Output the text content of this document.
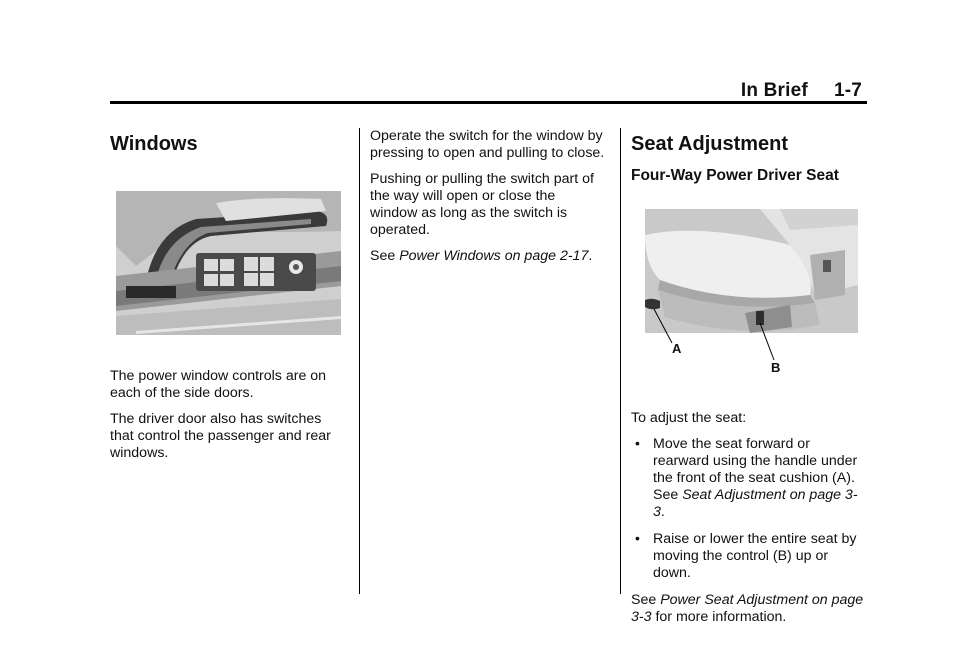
In Brief 1-7
Windows

The power window controls are on each of the side doors.

The driver door also has switches that control the passenger and rear windows.

Operate the switch for the window by pressing to open and pulling to close.

Pushing or pulling the switch part of the way will open or close the window as long as the switch is operated.

See Power Windows on page 2-17.

Seat Adjustment
Four-Way Power Driver Seat

To adjust the seat:

• Move the seat forward or rearward using the handle under the front of the seat cushion (A).
See Seat Adjustment on page 3-3.
• Raise or lower the entire seat by moving the control (B) up or down.

See Power Seat Adjustment on page 3-3 for more information.

A
B
